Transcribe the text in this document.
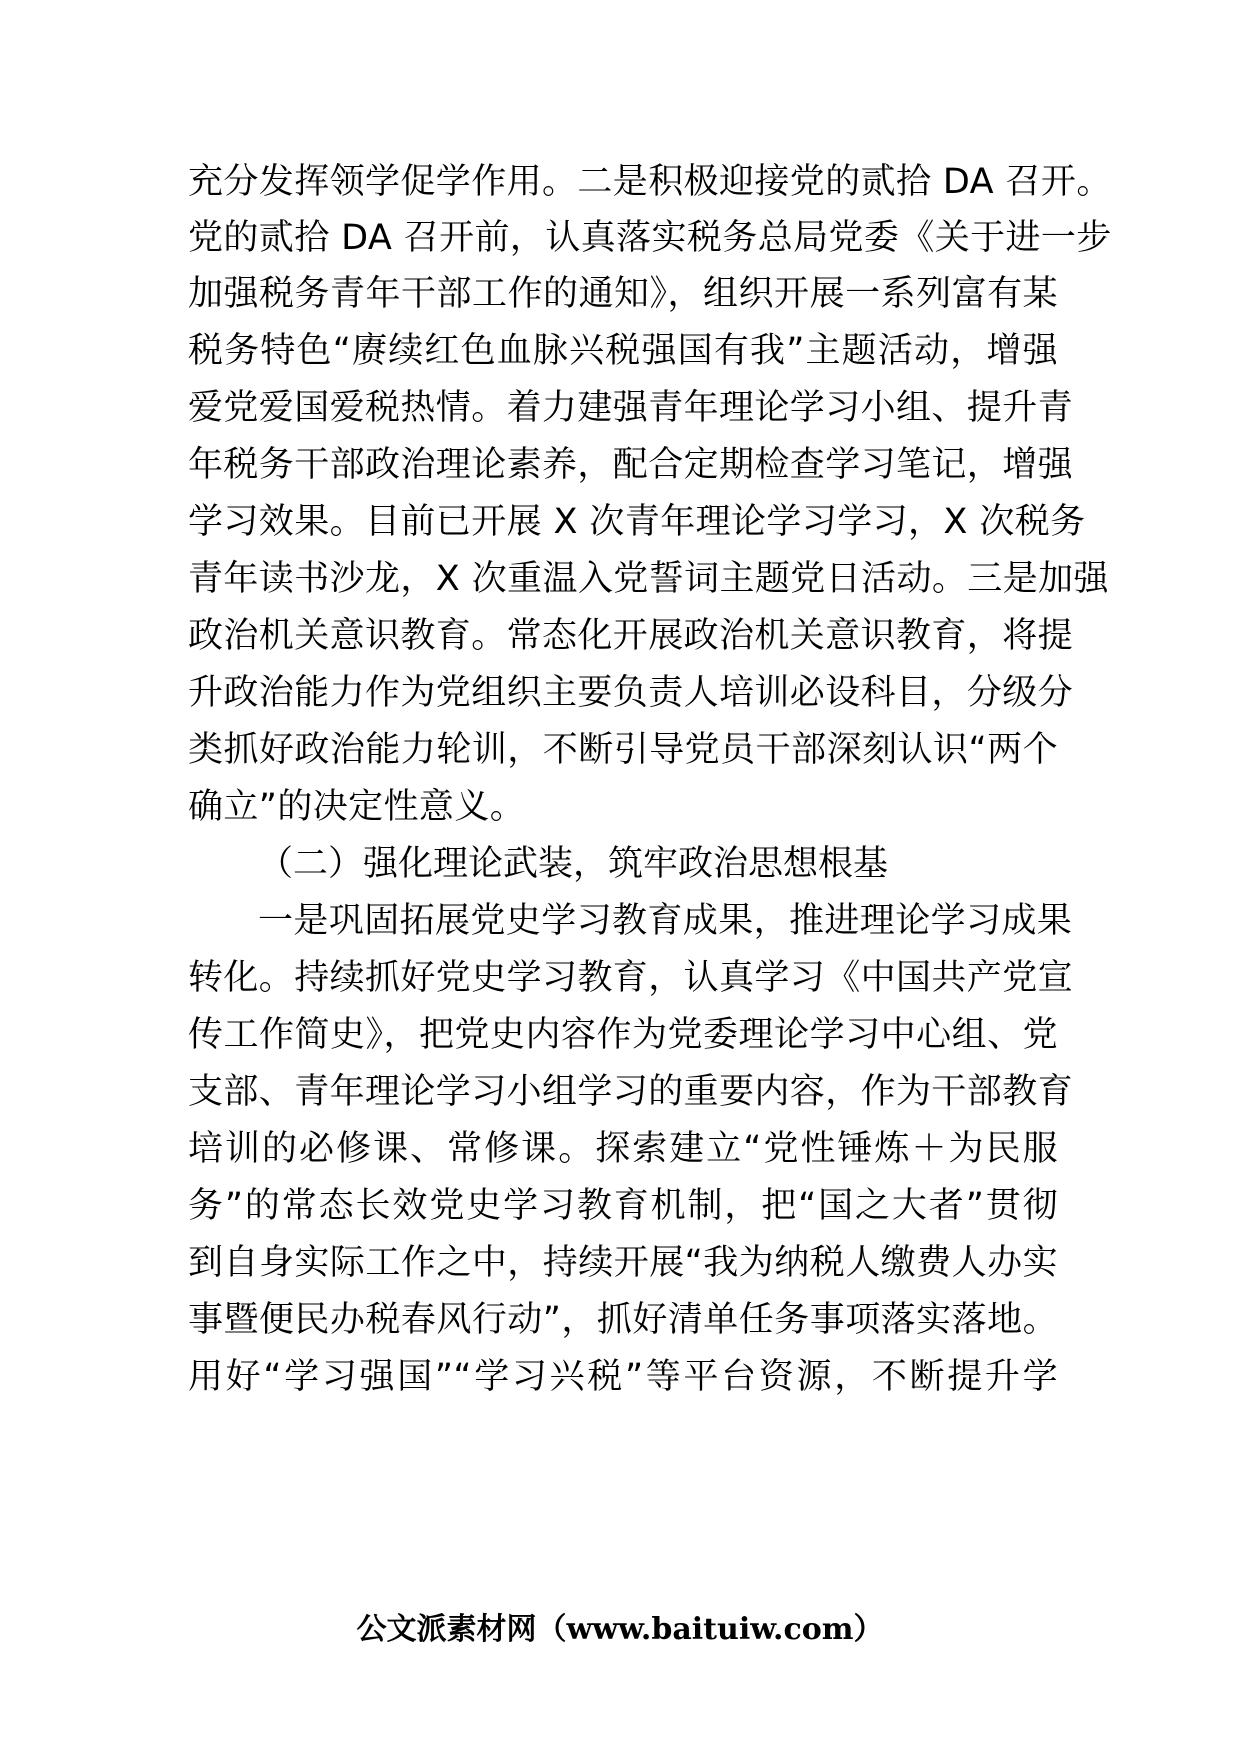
充分发挥领学促学作用。二是积极迎接党的贰拾 DA 召开。
党的贰拾 DA 召开前，认真落实税务总局党委《关于进一步
加强税务青年干部工作的通知》，组织开展一系列富有某
税务特色“赓续红色血脉兴税强国有我”主题活动，增强
爱党爱国爱税热情。着力建强青年理论学习小组、提升青
年税务干部政治理论素养，配合定期检查学习笔记，增强
学习效果。目前已开展 X 次青年理论学习学习，X 次税务
青年读书沙龙，X 次重温入党誓词主题党日活动。三是加强
政治机关意识教育。常态化开展政治机关意识教育，将提
升政治能力作为党组织主要负责人培训必设科目，分级分
类抓好政治能力轮训，不断引导党员干部深刻认识“两个
确立”的决定性意义。
（二）强化理论武装，筑牢政治思想根基
一是巩固拓展党史学习教育成果，推进理论学习成果
转化。持续抓好党史学习教育，认真学习《中国共产党宣
传工作简史》，把党史内容作为党委理论学习中心组、党
支部、青年理论学习小组学习的重要内容，作为干部教育
培训的必修课、常修课。探索建立“党性锤炼＋为民服
务”的常态长效党史学习教育机制，把“国之大者”贯彻
到自身实际工作之中，持续开展“我为纳税人缴费人办实
事暨便民办税春风行动”，抓好清单任务事项落实落地。
用好“学习强国”“学习兴税”等平台资源，不断提升学
公文派素材网（www.baituiw.com）
